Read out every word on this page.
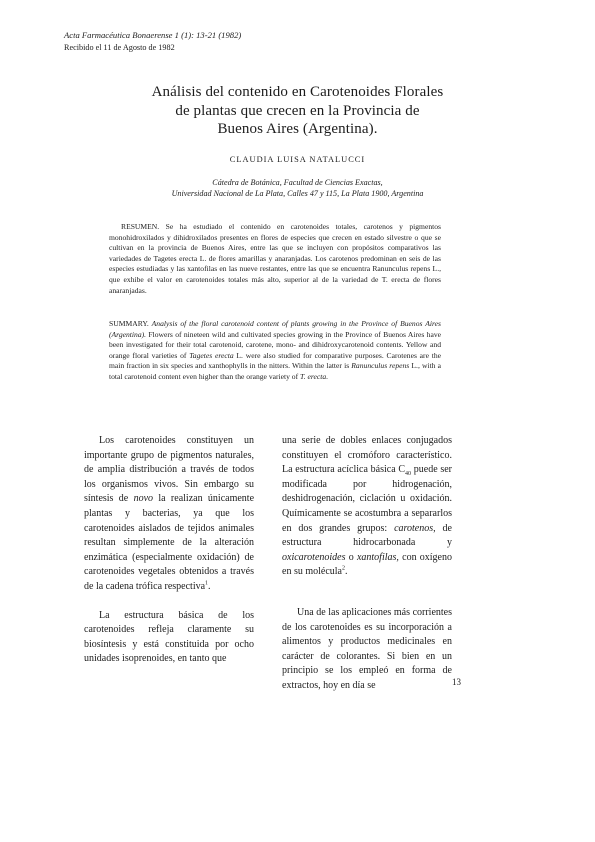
Acta Farmacéutica Bonaerense 1 (1): 13-21 (1982)
Recibido el 11 de Agosto de 1982
Análisis del contenido en Carotenoides Florales
de plantas que crecen en la Provincia de
Buenos Aires (Argentina).
CLAUDIA LUISA NATALUCCI
Cátedra de Botánica, Facultad de Ciencias Exactas,
Universidad Nacional de La Plata, Calles 47 y 115, La Plata 1900, Argentina
RESUMEN. Se ha estudiado el contenido en carotenoides totales, carotenos y pigmentos monohidroxilados y dihidroxilados presentes en flores de especies que crecen en estado silvestre o que se cultivan en la provincia de Buenos Aires, entre las que se incluyen con propósitos comparativos las variedades de Tagetes erecta L. de flores amarillas y anaranjadas. Los carotenos predominan en seis de las especies estudiadas y las xantofilas en las nueve restantes, entre las que se encuentra Ranunculus repens L., que exhibe el valor en carotenoides totales más alto, superior al de la variedad de T. erecta de flores anaranjadas.
SUMMARY. Analysis of the floral carotenoid content of plants growing in the Province of Buenos Aires (Argentina). Flowers of nineteen wild and cultivated species growing in the Province of Buenos Aires have been investigated for their total carotenoid, carotene, mono- and dihidroxycarotenoid contents. Yellow and orange floral varieties of Tagetes erecta L. were also studied for comparative purposes. Carotenes are the main fraction in six species and xanthophylls in the nitters. Within the latter is Ranunculus repens L., with a total carotenoid content even higher than the orange variety of T. erecta.

Los carotenoides constituyen un importante grupo de pigmentos naturales, de amplia distribución a través de todos los organismos vivos. Sin embargo su síntesis de novo la realizan únicamente plantas y bacterias, ya que los carotenoides aislados de tejidos animales resultan simplemente de la alteración enzimática (especialmente oxidación) de carotenoides vegetales obtenidos a través de la cadena trófica respectiva$^1$.

La estructura básica de los carotenoides refleja claramente su biosíntesis y está constituida por ocho unidades isoprenoides, en tanto que

una serie de dobles enlaces conjugados constituyen el cromóforo característico. La estructura acíclica básica $C_{40}$ puede ser modificada por hidrogenación, deshidrogenación, ciclación u oxidación. Químicamente se acostumbra a separarlos en dos grandes grupos: carotenos, de estructura hidrocarbonada y oxicarotenoides o xantofilas, con oxígeno en su molécula$^2$.

Una de las aplicaciones más corrientes de los carotenoides es su incorporación a alimentos y productos medicinales en carácter de colorantes. Si bien en un principio se los empleó en forma de extractos, hoy en día se	13
